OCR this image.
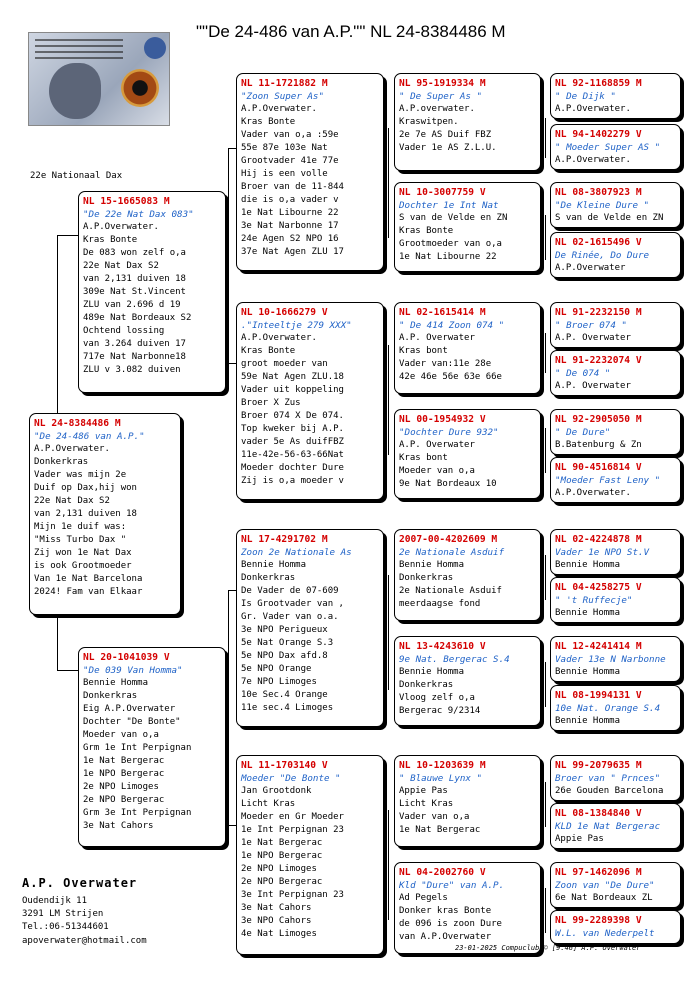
""De 24-486 van A.P."" NL 24-8384486 M
22e Nationaal Dax
NL 24-8384486 M
"De 24-486 van A.P."
A.P.Overwater.
Donkerkras
Vader was mijn 2e
Duif op Dax,hij won
22e Nat Dax S2
van 2,131 duiven 18
Mijn 1e duif was:
"Miss Turbo Dax "
Zij won 1e Nat Dax
is ook Grootmoeder
Van 1e Nat Barcelona
2024! Fam van Elkaar
NL 15-1665083 M
"De 22e Nat Dax 083"
A.P.Overwater.
Kras Bonte
De 083 won zelf o,a
22e Nat Dax S2
van 2,131 duiven 18
309e Nat St.Vincent
ZLU van 2.696 d 19
489e Nat Bordeaux S2
Ochtend lossing
van 3.264 duiven 17
717e Nat Narbonne18
ZLU v 3.082 duiven
NL 20-1041039 V
"De 039 Van Homma"
Bennie Homma
Donkerkras
Eig A.P.Overwater
Dochter "De Bonte"
Moeder van o,a
Grm 1e Int Perpignan
1e Nat Bergerac
1e NPO Bergerac
2e NPO Limoges
2e NPO Bergerac
Grm 3e Int Perpignan
3e Nat Cahors
NL 11-1721882 M
"Zoon Super As"
A.P.Overwater.
Kras Bonte
Vader van o,a :59e
55e 87e 103e Nat
Grootvader 41e 77e
Hij is een volle
Broer van de 11-844
die is o,a vader v
1e Nat Libourne 22
3e Nat Narbonne 17
24e Agen S2 NPO 16
37e Nat Agen ZLU 17
NL 10-1666279 V
."Inteeltje 279 XXX"
A.P.Overwater.
Kras Bonte
groot moeder van
59e Nat Agen ZLU.18
Vader uit koppeling
Broer X Zus
Broer 074 X De 074.
Top kweker bij A.P.
vader 5e As duifFBZ
11e-42e-56-63-66Nat
Moeder dochter Dure
Zij is o,a moeder v
NL 17-4291702 M
Zoon 2e Nationale As
Bennie Homma
Donkerkras
De Vader de 07-609
Is Grootvader van ,
Gr. Vader van o.a.
3e NPO Perigueux
5e Nat Orange S.3
5e NPO Dax afd.8
5e NPO Orange
7e NPO Limoges
10e Sec.4 Orange
11e sec.4 Limoges
NL 11-1703140 V
Moeder "De Bonte "
Jan Grootdonk
Licht Kras
Moeder en Gr Moeder
1e Int Perpignan 23
1e Nat Bergerac
1e NPO Bergerac
2e NPO Limoges
2e NPO Bergerac
3e Int Perpignan 23
3e Nat Cahors
3e NPO Cahors
4e Nat Limoges
NL 95-1919334 M
" De Super As "
A.P.overwater.
Kraswitpen.
2e 7e AS Duif FBZ
Vader 1e AS Z.L.U.
NL 10-3007759 V
Dochter 1e Int Nat
S van de Velde en ZN
Kras Bonte
Grootmoeder van o,a
1e Nat Libourne 22
NL 02-1615414 M
" De 414 Zoon 074 "
A.P. Overwater
Kras bont
Vader van:11e 28e
42e 46e 56e 63e 66e
NL 00-1954932 V
"Dochter Dure 932"
A.P. Overwater
Kras bont
Moeder van o,a
9e Nat Bordeaux 10
2007-00-4202609 M
2e Nationale Asduif
Bennie Homma
Donkerkras
2e Nationale Asduif
meerdaagse fond
NL 13-4243610 V
9e Nat. Bergerac S.4
Bennie Homma
Donkerkras
Vloog zelf o,a
Bergerac 9/2314
NL 10-1203639 M
" Blauwe Lynx "
Appie Pas
Licht Kras
Vader van o,a
1e Nat Bergerac
NL 04-2002760 V
Kld "Dure" van A.P.
Ad Pegels
Donker kras Bonte
de 096 is zoon Dure
van A.P.Overwater
NL 92-1168859 M
" De Dijk "
A.P.Overwater.
NL 94-1402279 V
" Moeder Super AS "
A.P.Overwater.
NL 08-3807923 M
"De Kleine Dure "
S van de Velde en ZN
NL 02-1615496 V
De Rinée, Do Dure
A.P.Overwater
NL 91-2232150 M
" Broer 074 "
A.P. Overwater
NL 91-2232074 V
" De 074 "
A.P. Overwater
NL 92-2905050 M
" De Dure"
B.Batenburg & Zn
NL 90-4516814 V
"Moeder Fast Leny "
A.P.Overwater.
NL 02-4224878 M
Vader 1e NPO St.V
Bennie Homma
NL 04-4258275 V
" 't Ruffecje"
Bennie Homma
NL 12-4241414 M
Vader 13e N Narbonne
Bennie Homma
NL 08-1994131 V
10e Nat. Orange S.4
Bennie Homma
NL 99-2079635 M
Broer van " Prnces"
26e Gouden Barcelona
NL 08-1384840 V
KLD 1e Nat Bergerac
Appie Pas
NL 97-1462096 M
Zoon van "De Dure"
6e Nat Bordeaux ZL
NL 99-2289398 V
W.L. van Nederpelt
A.P. Overwater
Oudendijk 11
3291 LM Strijen
Tel.:06-51344601
apoverwater@hotmail.com
23-01-2025 Compuclub © [9.46] A.P. Overwater
